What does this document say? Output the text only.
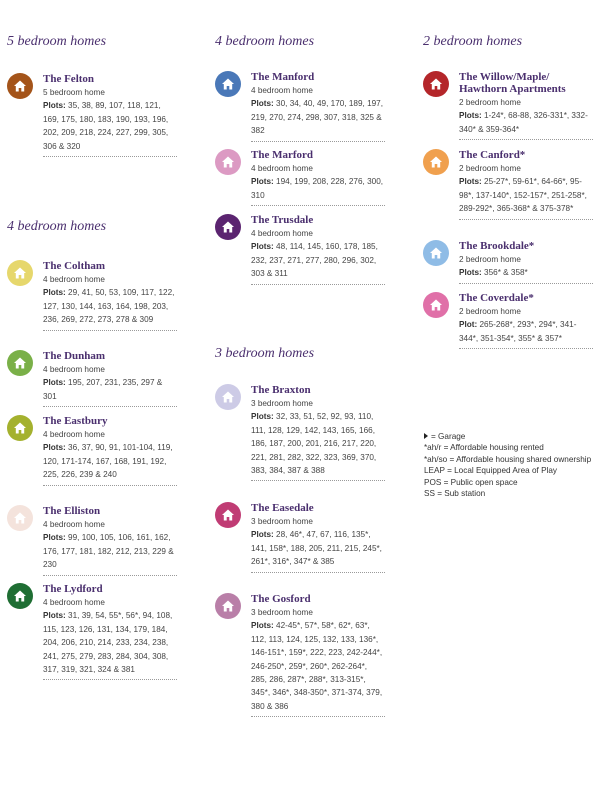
5 bedroom homes
The Felton
5 bedroom home
Plots: 35, 38, 89, 107, 118, 121, 169, 175, 180, 183, 190, 193, 196, 202, 209, 218, 224, 227, 299, 305, 306 & 320
4 bedroom homes
The Coltham
4 bedroom home
Plots: 29, 41, 50, 53, 109, 117, 122, 127, 130, 144, 163, 164, 198, 203, 236, 269, 272, 273, 278 & 309
The Dunham
4 bedroom home
Plots: 195, 207, 231, 235, 297 & 301
The Eastbury
4 bedroom home
Plots: 36, 37, 90, 91, 101-104, 119, 120, 171-174, 167, 168, 191, 192, 225, 226, 239 & 240
The Elliston
4 bedroom home
Plots: 99, 100, 105, 106, 161, 162, 176, 177, 181, 182, 212, 213, 229 & 230
The Lydford
4 bedroom home
Plots: 31, 39, 54, 55*, 56*, 94, 108, 115, 123, 126, 131, 134, 179, 184, 204, 206, 210, 214, 233, 234, 238, 241, 275, 279, 283, 284, 304, 308, 317, 319, 321, 324 & 381
4 bedroom homes
The Manford
4 bedroom home
Plots: 30, 34, 40, 49, 170, 189, 197, 219, 270, 274, 298, 307, 318, 325 & 382
The Marford
4 bedroom home
Plots: 194, 199, 208, 228, 276, 300, 310
The Trusdale
4 bedroom home
Plots: 48, 114, 145, 160, 178, 185, 232, 237, 271, 277, 280, 296, 302, 303 & 311
3 bedroom homes
The Braxton
3 bedroom home
Plots: 32, 33, 51, 52, 92, 93, 110, 111, 128, 129, 142, 143, 165, 166, 186, 187, 200, 201, 216, 217, 220, 221, 281, 282, 322, 323, 369, 370, 383, 384, 387 & 388
The Easedale
3 bedroom home
Plots: 28, 46*, 47, 67, 116, 135*, 141, 158*, 188, 205, 211, 215, 245*, 261*, 316*, 347* & 385
The Gosford
3 bedroom home
Plots: 42-45*, 57*, 58*, 62*, 63*, 112, 113, 124, 125, 132, 133, 136*, 146-151*, 159*, 222, 223, 242-244*, 246-250*, 259*, 260*, 262-264*, 285, 286, 287*, 288*, 313-315*, 345*, 346*, 348-350*, 371-374, 379, 380 & 386
2 bedroom homes
The Willow/Maple/ Hawthorn Apartments
2 bedroom home
Plots: 1-24*, 68-88, 326-331*, 332-340* & 359-364*
The Canford*
2 bedroom home
Plots: 25-27*, 59-61*, 64-66*, 95-98*, 137-140*, 152-157*, 251-258*, 289-292*, 365-368* & 375-378*
The Brookdale*
2 bedroom home
Plots: 356* & 358*
The Coverdale*
2 bedroom home
Plot: 265-268*, 293*, 294*, 341-344*, 351-354*, 355* & 357*
= Garage
*ah/r = Affordable housing rented
*ah/so = Affordable housing shared ownership
LEAP = Local Equipped Area of Play
POS = Public open space
SS = Sub station
